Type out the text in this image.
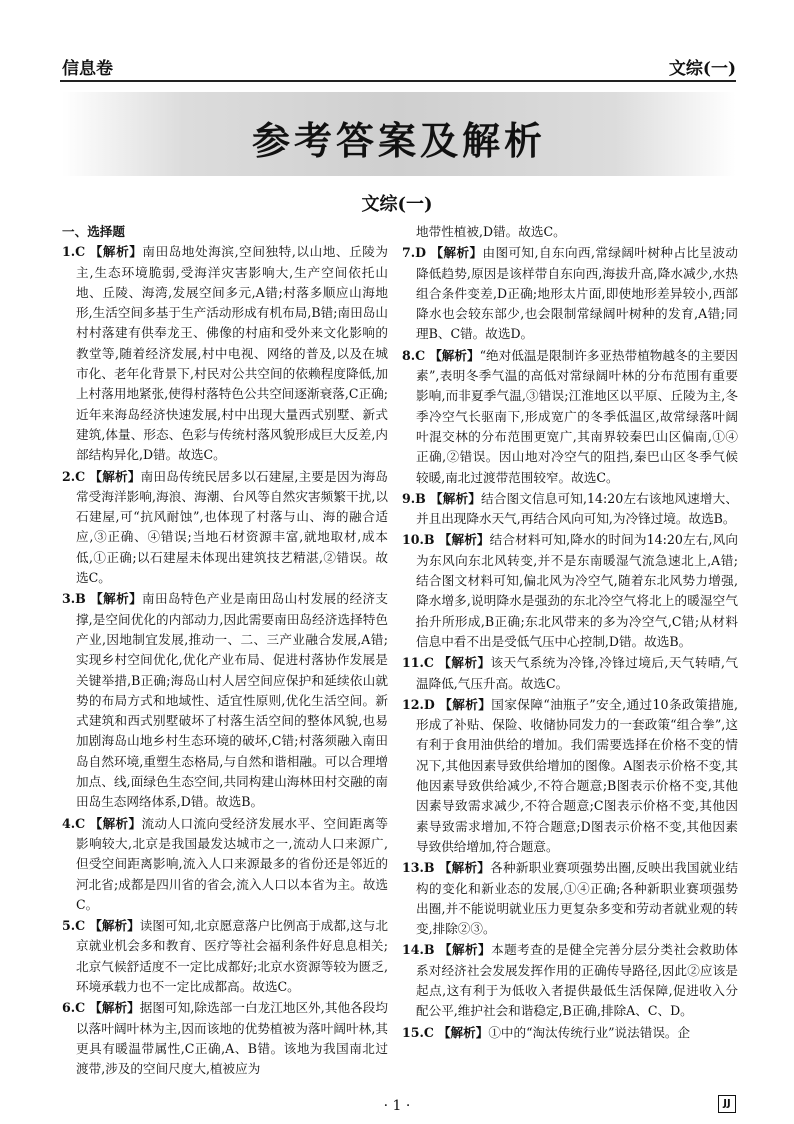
信息卷	文综(一)
参考答案及解析
文综(一)

一、选择题

1.C 【解析】南田岛地处海滨,空间独特,以山地、丘陵为主,生态环境脆弱,受海洋灾害影响大,生产空间依托山地、丘陵、海湾,发展空间多元,A错;村落多顺应山海地形,生活空间多基于生产活动形成有机布局,B错;南田岛山村村落建有供奉龙王、佛像的村庙和受外来文化影响的教堂等,随着经济发展,村中电视、网络的普及,以及在城市化、老年化背景下,村民对公共空间的依赖程度降低,加上村落用地紧张,使得村落特色公共空间逐渐衰落,C正确;近年来海岛经济快速发展,村中出现大量西式别墅、新式建筑,体量、形态、色彩与传统村落风貌形成巨大反差,内部结构异化,D错。故选C。

2.C 【解析】南田岛传统民居多以石建屋,主要是因为海岛常受海洋影响,海浪、海潮、台风等自然灾害频繁干扰,以石建屋,可“抗风耐蚀”,也体现了村落与山、海的融合适应,③正确、④错误;当地石材资源丰富,就地取材,成本低,①正确;以石建屋未体现出建筑技艺精湛,②错误。故选C。

3.B 【解析】南田岛特色产业是南田岛山村发展的经济支撑,是空间优化的内部动力,因此需要南田岛经济选择特色产业,因地制宜发展,推动一、二、三产业融合发展,A错;实现乡村空间优化,优化产业布局、促进村落协作发展是关键举措,B正确;海岛山村人居空间应保护和延续依山就势的布局方式和地域性、适宜性原则,优化生活空间。新式建筑和西式别墅破坏了村落生活空间的整体风貌,也易加剧海岛山地乡村生态环境的破坏,C错;村落须融入南田岛自然环境,重塑生态格局,与自然和谐相融。可以合理增加点、线,面绿色生态空间,共同构建山海林田村交融的南田岛生态网络体系,D错。故选B。

4.C 【解析】流动人口流向受经济发展水平、空间距离等影响较大,北京是我国最发达城市之一,流动人口来源广,但受空间距离影响,流入人口来源最多的省份还是邻近的河北省;成都是四川省的省会,流入人口以本省为主。故选C。

5.C 【解析】读图可知,北京愿意落户比例高于成都,这与北京就业机会多和教育、医疗等社会福利条件好息息相关;北京气候舒适度不一定比成都好;北京水资源等较为匮乏,环境承载力也不一定比成都高。故选C。

6.C 【解析】据图可知,除选部一白龙江地区外,其他各段均以落叶阔叶林为主,因而该地的优势植被为落叶阔叶林,其更具有暖温带属性,C正确,A、B错。该地为我国南北过渡带,涉及的空间尺度大,植被应为

地带性植被,D错。故选C。

7.D 【解析】由图可知,自东向西,常绿阔叶树种占比呈波动降低趋势,原因是该样带自东向西,海拔升高,降水减少,水热组合条件变差,D正确;地形太片面,即使地形差异较小,西部降水也会较东部少,也会限制常绿阔叶树种的发育,A错;同理B、C错。故选D。

8.C 【解析】“绝对低温是限制许多亚热带植物越冬的主要因素”,表明冬季气温的高低对常绿阔叶林的分布范围有重要影响,而非夏季气温,③错误;江淮地区以平原、丘陵为主,冬季冷空气长驱南下,形成宽广的冬季低温区,故常绿落叶阔叶混交林的分布范围更宽广,其南界较秦巴山区偏南,①④正确,②错误。因山地对冷空气的阻挡,秦巴山区冬季气候较暖,南北过渡带范围较窄。故选C。

9.B 【解析】结合图文信息可知,14:20左右该地风速增大、并且出现降水天气,再结合风向可知,为冷锋过境。故选B。

10.B 【解析】结合材料可知,降水的时间为14:20左右,风向为东风向东北风转变,并不是东南暖湿气流急速北上,A错;结合图文材料可知,偏北风为冷空气,随着东北风势力增强,降水增多,说明降水是强劲的东北冷空气将北上的暖湿空气抬升所形成,B正确;东北风带来的多为冷空气,C错;从材料信息中看不出是受低气压中心控制,D错。故选B。

11.C 【解析】该天气系统为冷锋,冷锋过境后,天气转晴,气温降低,气压升高。故选C。

12.D 【解析】国家保障“油瓶子”安全,通过10条政策措施,形成了补贴、保险、收储协同发力的一套政策“组合拳”,这有利于食用油供给的增加。我们需要选择在价格不变的情况下,其他因素导致供给增加的图像。A图表示价格不变,其他因素导致供给减少,不符合题意;B图表示价格不变,其他因素导致需求减少,不符合题意;C图表示价格不变,其他因素导致需求增加,不符合题意;D图表示价格不变,其他因素导致供给增加,符合题意。

13.B 【解析】各种新职业赛项强势出圈,反映出我国就业结构的变化和新业态的发展,①④正确;各种新职业赛项强势出圈,并不能说明就业压力更复杂多变和劳动者就业观的转变,排除②③。

14.B 【解析】本题考查的是健全完善分层分类社会救助体系对经济社会发展发挥作用的正确传导路径,因此②应该是起点,这有利于为低收入者提供最低生活保障,促进收入分配公平,维护社会和谐稳定,B正确,排除A、C、D。

15.C 【解析】①中的“淘汰传统行业”说法错误。企

· 1 ·	JJ
